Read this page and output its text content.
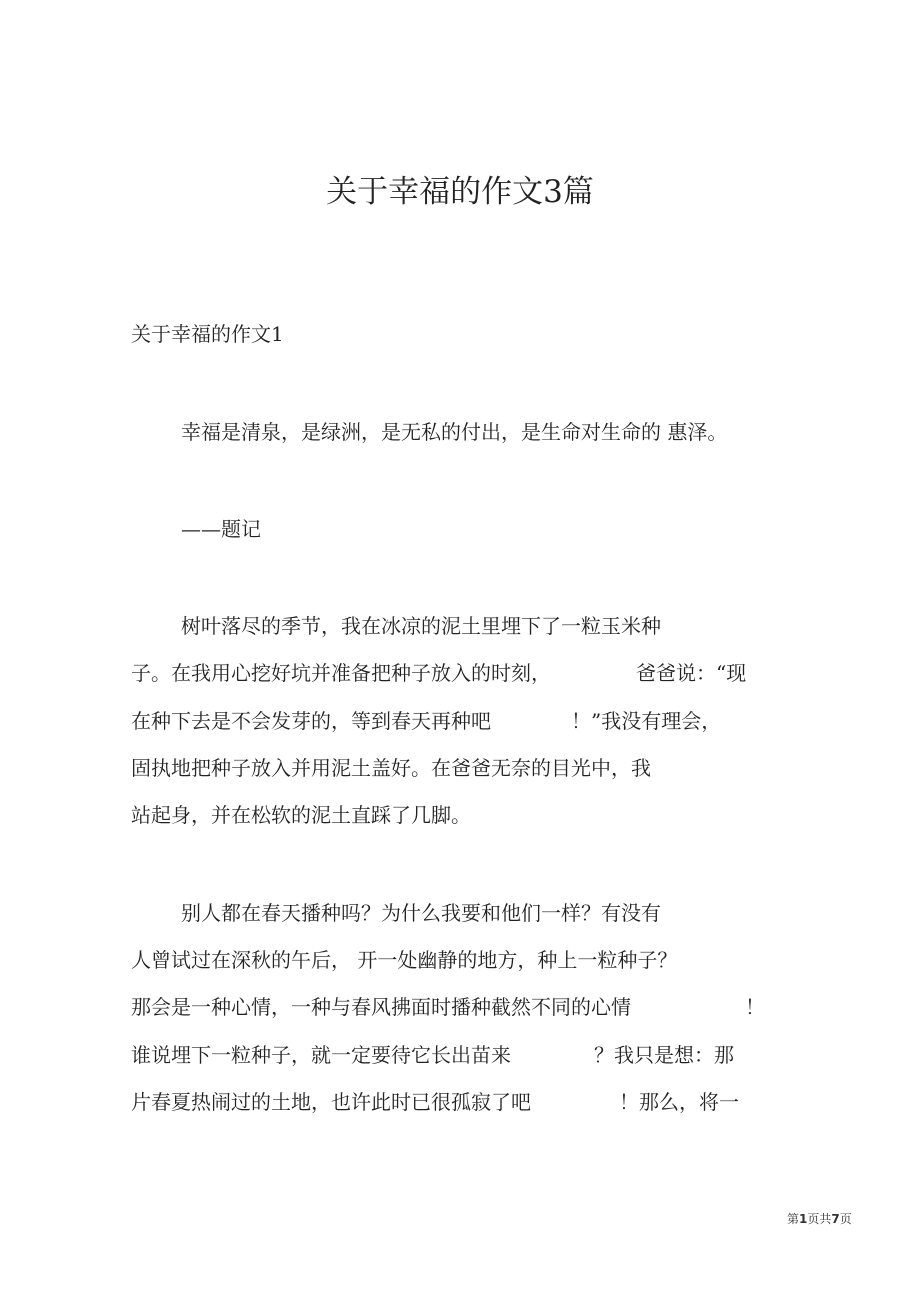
关于幸福的作文3篇
关于幸福的作文1

幸福是清泉，是绿洲，是无私的付出，是生命对生命的 惠泽。

——题记

树叶落尽的季节，我在冰凉的泥土里埋下了一粒玉米种

子。在我用心挖好坑并准备把种子放入的时刻，	爸爸说：“现
在种下去是不会发芽的，等到春天再种吧	！”我没有理会，

固执地把种子放入并用泥土盖好。在爸爸无奈的目光中，我

站起身，并在松软的泥土直踩了几脚。

别人都在春天播种吗？为什么我要和他们一样？有没有

人曾试过在深秋的午后， 开一处幽静的地方，种上一粒种子？

那会是一种心情，一种与春风拂面时播种截然不同的心情	！
谁说埋下一粒种子，就一定要待它长出苗来	？我只是想：那
片春夏热闹过的土地，也许此时已很孤寂了吧	！那么，将一
第1页共7页
